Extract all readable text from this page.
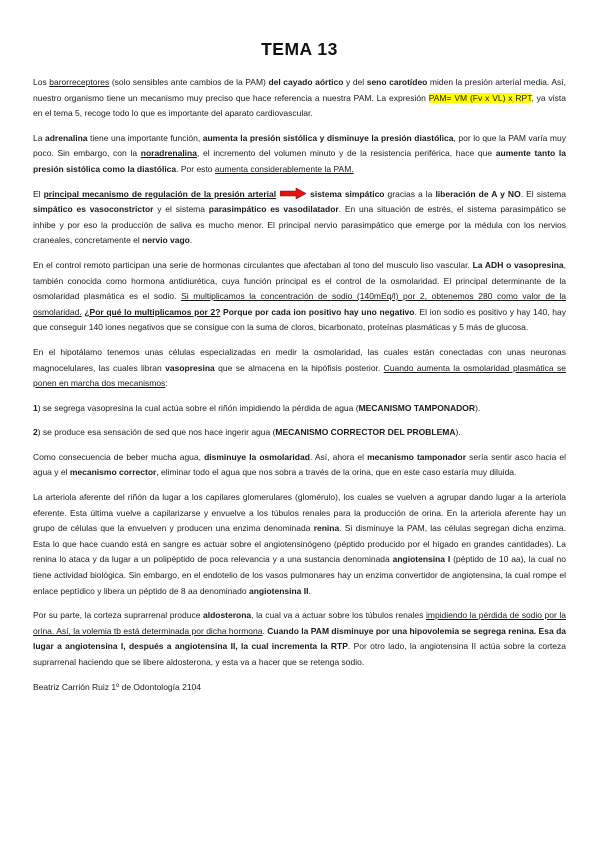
TEMA 13

Los barorreceptores (solo sensibles ante cambios de la PAM) del cayado aórtico y del seno carotídeo miden la presión arterial media. Así, nuestro organismo tiene un mecanismo muy preciso que hace referencia a nuestra PAM. La expresión PAM= VM (Fv x VL) x RPT, ya vista en el tema 5, recoge todo lo que es importante del aparato cardiovascular.

La adrenalina tiene una importante función, aumenta la presión sistólica y disminuye la presión diastólica, por lo que la PAM varía muy poco. Sin embargo, con la noradrenalina, el incremento del volumen minuto y de la resistencia periférica, hace que aumente tanto la presión sistólica como la diastólica. Por esto aumenta considerablemente la PAM.

El principal mecanismo de regulación de la presión arterial	sistema simpático gracias a la liberación de A y NO. El sistema simpático es vasoconstrictor y el sistema parasimpático es vasodilatador. En una situación de estrés, el sistema parasimpático se inhibe y por eso la producción de saliva es mucho menor. El principal nervio parasimpático que emerge por la médula con los nervios craneales, concretamente el nervio vago.

En el control remoto participan una serie de hormonas circulantes que afectaban al tono del musculo liso vascular. La ADH o vasopresina, también conocida como hormona antidiurética, cuya función principal es el control de la osmolaridad. El principal determinante de la osmolaridad plasmática es el sodio. Si multiplicamos la concentración de sodio (140mEq/l) por 2, obtenemos 280 como valor de la osmolaridad. ¿Por qué lo multiplicamos por 2? Porque por cada ion positivo hay uno negativo. El ion sodio es positivo y hay 140, hay que conseguir 140 iones negativos que se consigue con la suma de cloros, bicarbonato, proteínas plasmáticas y 5 más de glucosa.

En el hipotálamo tenemos unas células especializadas en medir la osmolaridad, las cuales están conectadas con unas neuronas magnocelulares, las cuales libran vasopresina que se almacena en la hipófisis posterior. Cuando aumenta la osmolaridad plasmática se ponen en marcha dos mecanismos:

1) se segrega vasopresina la cual actúa sobre el riñón impidiendo la pérdida de agua (MECANISMO TAMPONADOR).

2) se produce esa sensación de sed que nos hace ingerir agua (MECANISMO CORRECTOR DEL PROBLEMA).

Como consecuencia de beber mucha agua, disminuye la osmolaridad. Así, ahora el mecanismo tamponador sería sentir asco hacia el agua y el mecanismo corrector, eliminar todo el agua que nos sobra a través de la orina, que en este caso estaría muy diluida.

La arteriola aferente del riñón da lugar a los capilares glomerulares (glomérulo), los cuales se vuelven a agrupar dando lugar a la arteriola eferente. Esta última vuelve a capilarizarse y envuelve a los túbulos renales para la producción de orina. En la arteriola aferente hay un grupo de células que la envuelven y producen una enzima denominada renina. Si disminuye la PAM, las células segregan dicha enzima. Esta lo que hace cuando está en sangre es actuar sobre el angiotensinógeno (péptido producido por el hígado en grandes cantidades). La renina lo ataca y da lugar a un polipéptido de poca relevancia y a una sustancia denominada angiotensina I (péptido de 10 aa), la cual no tiene actividad biológica. Sin embargo, en el endotelio de los vasos pulmonares hay un enzima convertidor de angiotensina, la cual rompe el enlace peptídico y libera un péptido de 8 aa denominado angiotensina II.

Por su parte, la corteza suprarrenal produce aldosterona, la cual va a actuar sobre los túbulos renales impidiendo la pérdida de sodio por la orina. Así, la volemia tb está determinada por dicha hormona. Cuando la PAM disminuye por una hipovolemia se segrega renina. Esa da lugar a angiotensina I, después a angiotensina II, la cual incrementa la RTP. Por otro lado, la angiotensina II actúa sobre la corteza suprarrenal haciendo que se libere aldosterona, y esta va a hacer que se retenga sodio.

Beatriz Carrión Ruiz 1º de Odontología 2104
